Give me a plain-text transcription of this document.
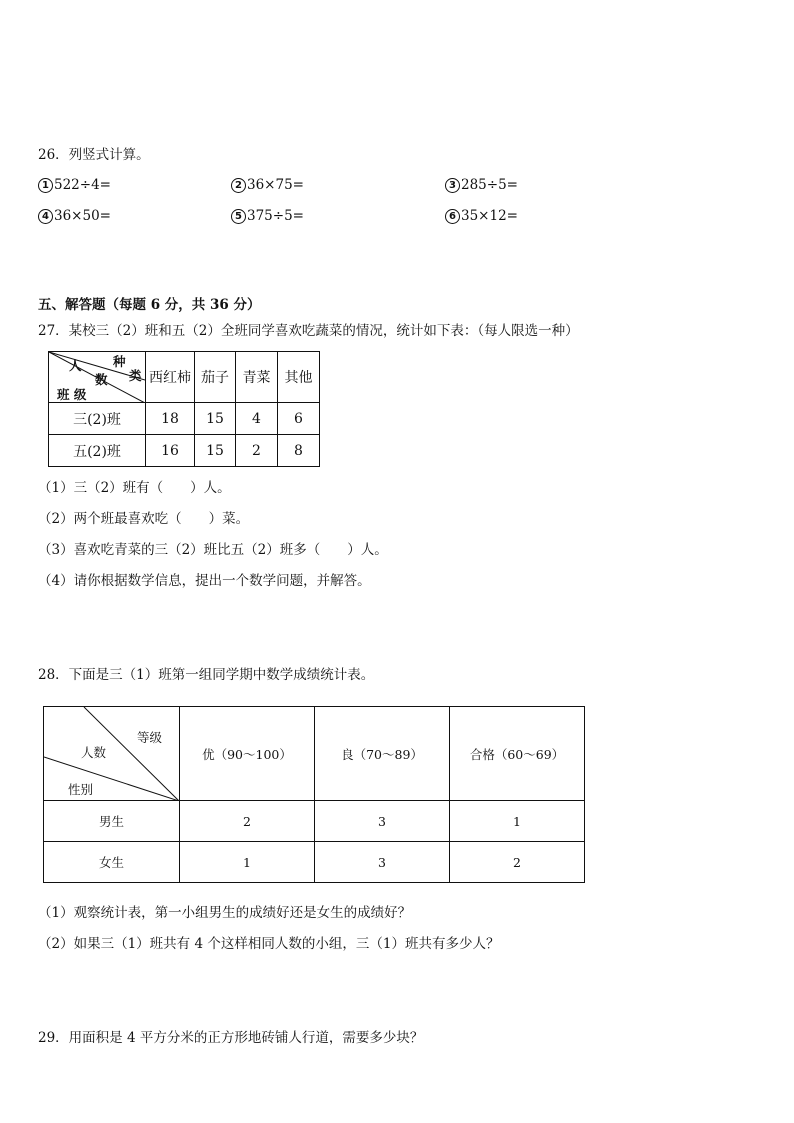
26．列竖式计算。
1 522÷4=	2 36×75=	3 285÷5=
4 36×50=	5 375÷5=	6 35×12=
五、解答题（每题 6 分，共 36 分）
27．某校三（2）班和五（2）全班同学喜欢吃蔬菜的情况，统计如下表：（每人限选一种）
人 种
数 类
班 级	西红柿	茄子	青菜	其他
三(2)班	18	15	4	6
五(2)班	16	15	2	8
（1）三（2）班有（　　）人。
（2）两个班最喜欢吃（　　）菜。
（3）喜欢吃青菜的三（2）班比五（2）班多（　　）人。
（4）请你根据数学信息，提出一个数学问题，并解答。
28．下面是三（1）班第一组同学期中数学成绩统计表。
等级
人数
性别	优（90～100）	良（70～89）	合格（60～69）
男生	2	3	1
女生	1	3	2
（1）观察统计表，第一小组男生的成绩好还是女生的成绩好？
（2）如果三（1）班共有 4 个这样相同人数的小组，三（1）班共有多少人？
29．用面积是 4 平方分米的正方形地砖铺人行道，需要多少块？
